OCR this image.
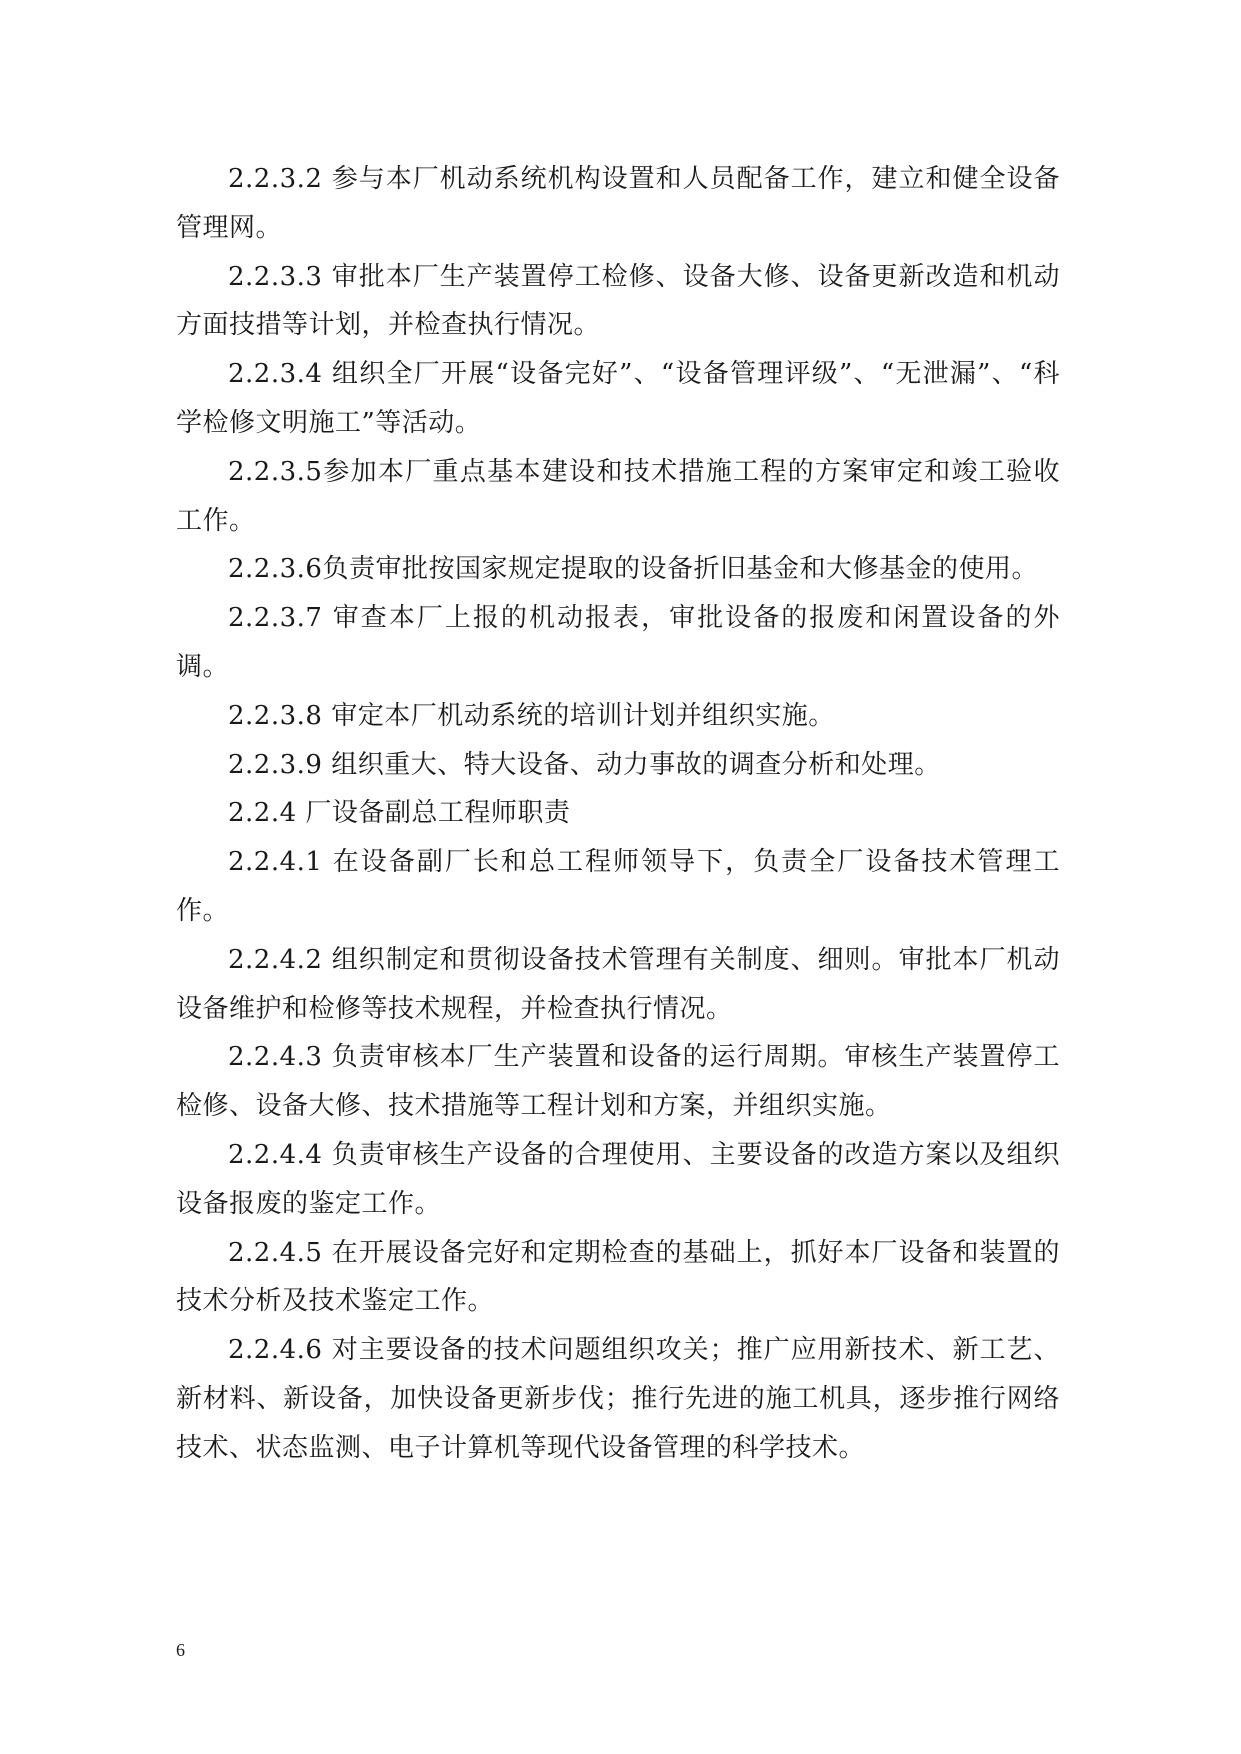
2.2.3.2 参与本厂机动系统机构设置和人员配备工作，建立和健全设备管理网。

2.2.3.3 审批本厂生产装置停工检修、设备大修、设备更新改造和机动方面技措等计划，并检查执行情况。

2.2.3.4 组织全厂开展“设备完好”、“设备管理评级”、“无泄漏”、“科学检修文明施工”等活动。

2.2.3.5参加本厂重点基本建设和技术措施工程的方案审定和竣工验收工作。

2.2.3.6负责审批按国家规定提取的设备折旧基金和大修基金的使用。

2.2.3.7 审查本厂上报的机动报表，审批设备的报废和闲置设备的外调。

2.2.3.8 审定本厂机动系统的培训计划并组织实施。

2.2.3.9 组织重大、特大设备、动力事故的调查分析和处理。

2.2.4 厂设备副总工程师职责

2.2.4.1 在设备副厂长和总工程师领导下，负责全厂设备技术管理工作。

2.2.4.2 组织制定和贯彻设备技术管理有关制度、细则。审批本厂机动设备维护和检修等技术规程，并检查执行情况。

2.2.4.3 负责审核本厂生产装置和设备的运行周期。审核生产装置停工检修、设备大修、技术措施等工程计划和方案，并组织实施。

2.2.4.4 负责审核生产设备的合理使用、主要设备的改造方案以及组织设备报废的鉴定工作。

2.2.4.5 在开展设备完好和定期检查的基础上，抓好本厂设备和装置的技术分析及技术鉴定工作。

2.2.4.6 对主要设备的技术问题组织攻关；推广应用新技术、新工艺、新材料、新设备，加快设备更新步伐；推行先进的施工机具，逐步推行网络技术、状态监测、电子计算机等现代设备管理的科学技术。

6
